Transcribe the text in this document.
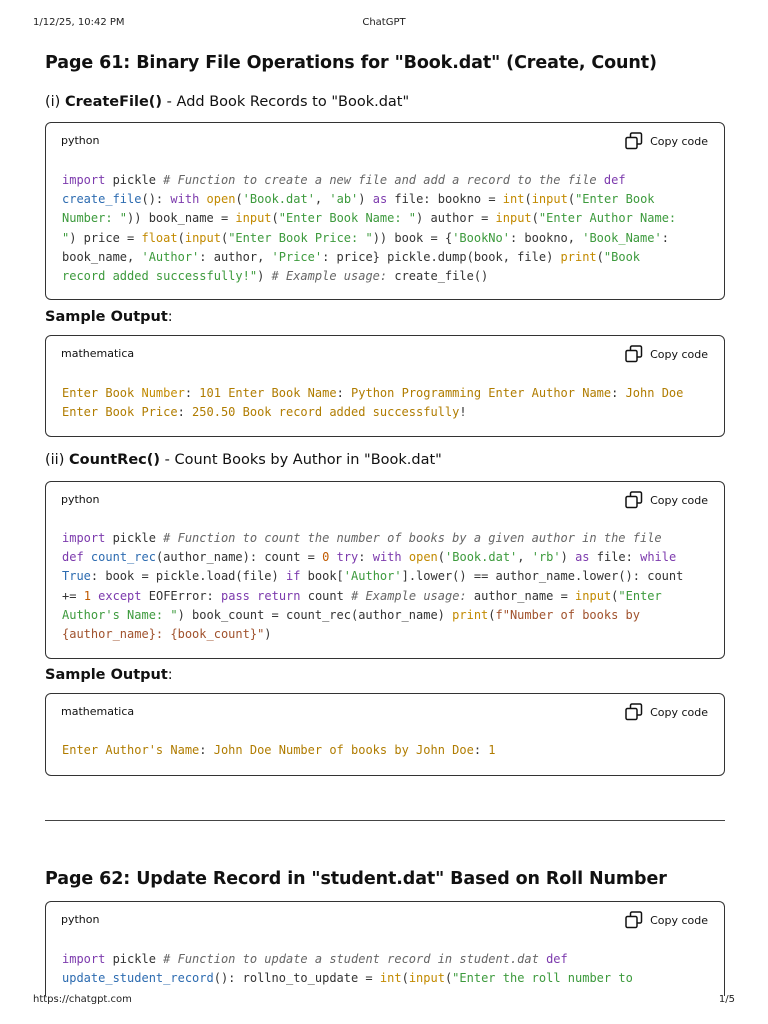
1/12/25, 10:42 PM	ChatGPT
Page 61: Binary File Operations for "Book.dat" (Create, Count)
(i) CreateFile() - Add Book Records to "Book.dat"
python	Copy code
import pickle # Function to create a new file and add a record to the file def
create_file(): with open('Book.dat', 'ab') as file: bookno = int(input("Enter Book
Number: ")) book_name = input("Enter Book Name: ") author = input("Enter Author Name:
") price = float(input("Enter Book Price: ")) book = {'BookNo': bookno, 'Book_Name':
book_name, 'Author': author, 'Price': price} pickle.dump(book, file) print("Book
record added successfully!") # Example usage: create_file()
Sample Output:
mathematica	Copy code
Enter Book Number: 101 Enter Book Name: Python Programming Enter Author Name: John Doe
Enter Book Price: 250.50 Book record added successfully!
(ii) CountRec() - Count Books by Author in "Book.dat"
python	Copy code
import pickle # Function to count the number of books by a given author in the file
def count_rec(author_name): count = 0 try: with open('Book.dat', 'rb') as file: while
True: book = pickle.load(file) if book['Author'].lower() == author_name.lower(): count
+= 1 except EOFError: pass return count # Example usage: author_name = input("Enter
Author's Name: ") book_count = count_rec(author_name) print(f"Number of books by
{author_name}: {book_count}")
Sample Output:
mathematica	Copy code
Enter Author's Name: John Doe Number of books by John Doe: 1
Page 62: Update Record in "student.dat" Based on Roll Number
python	Copy code
import pickle # Function to update a student record in student.dat def
update_student_record(): rollno_to_update = int(input("Enter the roll number to
https://chatgpt.com	1/5
